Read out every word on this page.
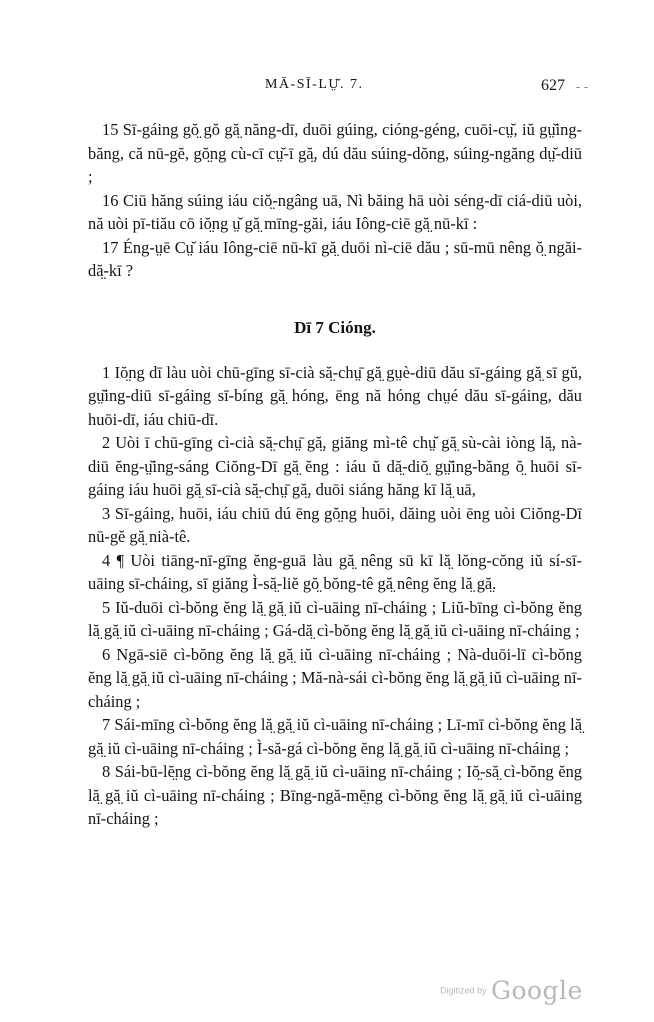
MĀ-SĪ-LṲ̆. 7.	627 - -

15 Sī-gáing gŏ̤ gŏ gă̤ năng-dī, duōi gúing, cióng-géng, cuōi-cṳ̆, iŭ gṳ̆ing-băng, că nū-gĕ, gŏ̤ng cù-cī cṳ̆-ī gă̤, dú dău súing-dŏng, súing-ngăng dṳ̆-diū ;

16 Ciū hăng súing iáu ciŏ̤-ngâng uā, Nì băing hā uòi séng-dī ciá-diū uòi, nă uòi pī-tiău cō iŏ̤ng ṳ̆ gă̤ mīng-găi, iáu Iông-ciē gă̤ nū-kī :

17 Éng-ṳē Cṳ̆ iáu Iông-ciē nū-kī gă̤ duōi nì-ciē dău ; sū-mū nêng ŏ̤ ngăi-dă̤-kī ?

Dī 7 Cióng.

1 Iŏ̤ng dī làu uòi chū-gīng sī-cià să̤-chṳ̄ gă̤ gṳè-diū dău sī-gáing gă̤ sī gŭ, gṳ̆ing-diū sī-gáing sī-bíng gă̤ hóng, ēng nă hóng chṳé dău sī-gáing, dău huōi-dī, iáu chiū-dī.

2 Uòi ī chū-gīng cì-cià să̤-chṳ̄ gă̤, giăng mì-tê chṳ̆ gă̤ sù-cài iòng lă̤, nà-diū ĕng-ṳ̆ing-sáng Ciŏng-Dī gă̤ ĕng : iáu ŭ dă̤-diŏ̤ gṳ̆ing-băng ŏ̤ huōi sī-gáing iáu huōi gă̤ sī-cià să̤-chṳ̄ gă̤, duōi siáng hăng kī lă̤ uā,

3 Sī-gáing, huōi, iáu chiū dú ēng gŏ̤ng huōi, dăing uòi ēng uòi Ciŏng-Dī nū-gĕ gă̤ nià-tê.

4 ¶ Uòi tiāng-nī-gīng ĕng-guā làu gă̤ nêng sū kī lă̤ lŏng-cŏng iŭ sí-sī-uāing sī-cháing, sī giăng Ì-să̤-liĕ gŏ̤ bŏng-tê gă̤ nêng ĕng lă̤ gă̤.

5 Iŭ-duōi cì-bŏng ĕng lă̤ gă̤ iŭ cì-uāing nī-cháing ; Liŭ-bīng cì-bŏng ĕng lă̤ gă̤ iŭ cì-uāing nī-cháing ; Gá-dă̤ cì-bŏng ĕng lă̤ gă̤ iŭ cì-uāing nī-cháing ;

6 Ngā-siē cì-bŏng ĕng lă̤ gă̤ iŭ cì-uāing nī-cháing ; Nà-duōi-lī cì-bŏng ĕng lă̤ gă̤ iŭ cì-uāing nī-cháing ; Mă-nà-sái cì-bŏng ĕng lă̤ gă̤ iŭ cì-uāing nī-cháing ;

7 Sái-mīng cì-bŏng ĕng lă̤ gă̤ iŭ cì-uāing nī-cháing ; Lī-mī cì-bŏng ĕng lă̤ gă̤ iŭ cì-uāing nī-cháing ; Ì-să-gá cì-bŏng ĕng lă̤ gă̤ iŭ cì-uāing nī-cháing ;

8 Sái-bū-lĕ̤ng cì-bŏng ĕng lă̤ gă̤ iŭ cì-uāing nī-cháing ; Iŏ̤-să̤ cì-bŏng ĕng lă̤ gă̤ iŭ cì-uāing nī-cháing ; Bīng-ngă-mĕ̤ng cì-bŏng ĕng lă̤ gă̤ iŭ cì-uāing nī-cháing ;

Digitized by Google
